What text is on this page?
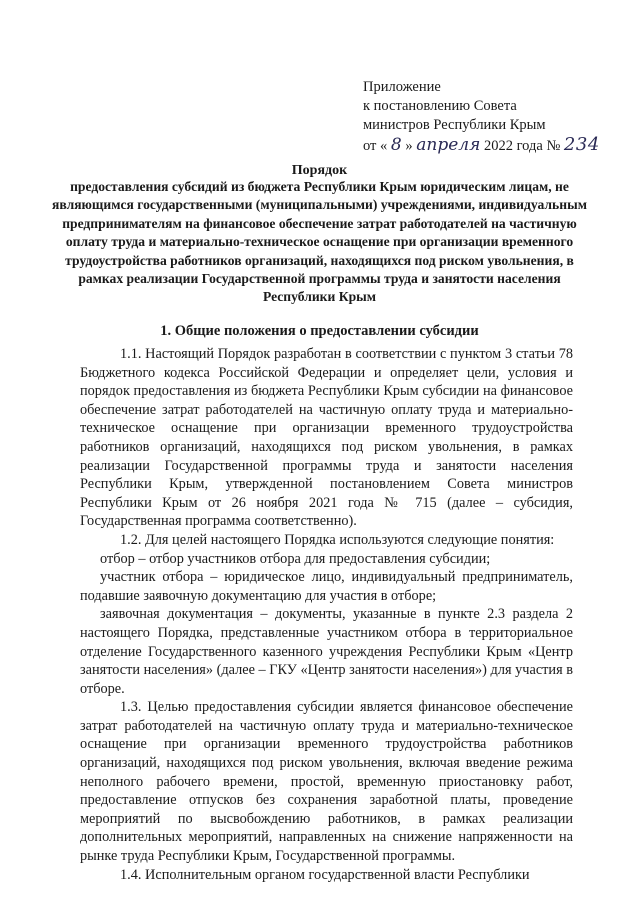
Приложение
к постановлению Совета
министров Республики Крым
от « 8 » апреля 2022 года № 234
Порядок
предоставления субсидий из бюджета Республики Крым юридическим лицам, не являющимся государственными (муниципальными) учреждениями, индивидуальным предпринимателям на финансовое обеспечение затрат работодателей на частичную оплату труда и материально-техническое оснащение при организации временного трудоустройства работников организаций, находящихся под риском увольнения, в рамках реализации Государственной программы труда и занятости населения Республики Крым
1. Общие положения о предоставлении субсидии

1.1. Настоящий Порядок разработан в соответствии с пунктом 3 статьи 78 Бюджетного кодекса Российской Федерации и определяет цели, условия и порядок предоставления из бюджета Республики Крым субсидии на финансовое обеспечение затрат работодателей на частичную оплату труда и материально-техническое оснащение при организации временного трудоустройства работников организаций, находящихся под риском увольнения, в рамках реализации Государственной программы труда и занятости населения Республики Крым, утвержденной постановлением Совета министров Республики Крым от 26 ноября 2021 года № 715 (далее – субсидия, Государственная программа соответственно).

1.2. Для целей настоящего Порядка используются следующие понятия:

отбор – отбор участников отбора для предоставления субсидии;

участник отбора – юридическое лицо, индивидуальный предприниматель, подавшие заявочную документацию для участия в отборе;

заявочная документация – документы, указанные в пункте 2.3 раздела 2 настоящего Порядка, представленные участником отбора в территориальное отделение Государственного казенного учреждения Республики Крым «Центр занятости населения» (далее – ГКУ «Центр занятости населения») для участия в отборе.

1.3. Целью предоставления субсидии является финансовое обеспечение затрат работодателей на частичную оплату труда и материально-техническое оснащение при организации временного трудоустройства работников организаций, находящихся под риском увольнения, включая введение режима неполного рабочего времени, простой, временную приостановку работ, предоставление отпусков без сохранения заработной платы, проведение мероприятий по высвобождению работников, в рамках реализации дополнительных мероприятий, направленных на снижение напряженности на рынке труда Республики Крым, Государственной программы.

1.4. Исполнительным органом государственной власти Республики
